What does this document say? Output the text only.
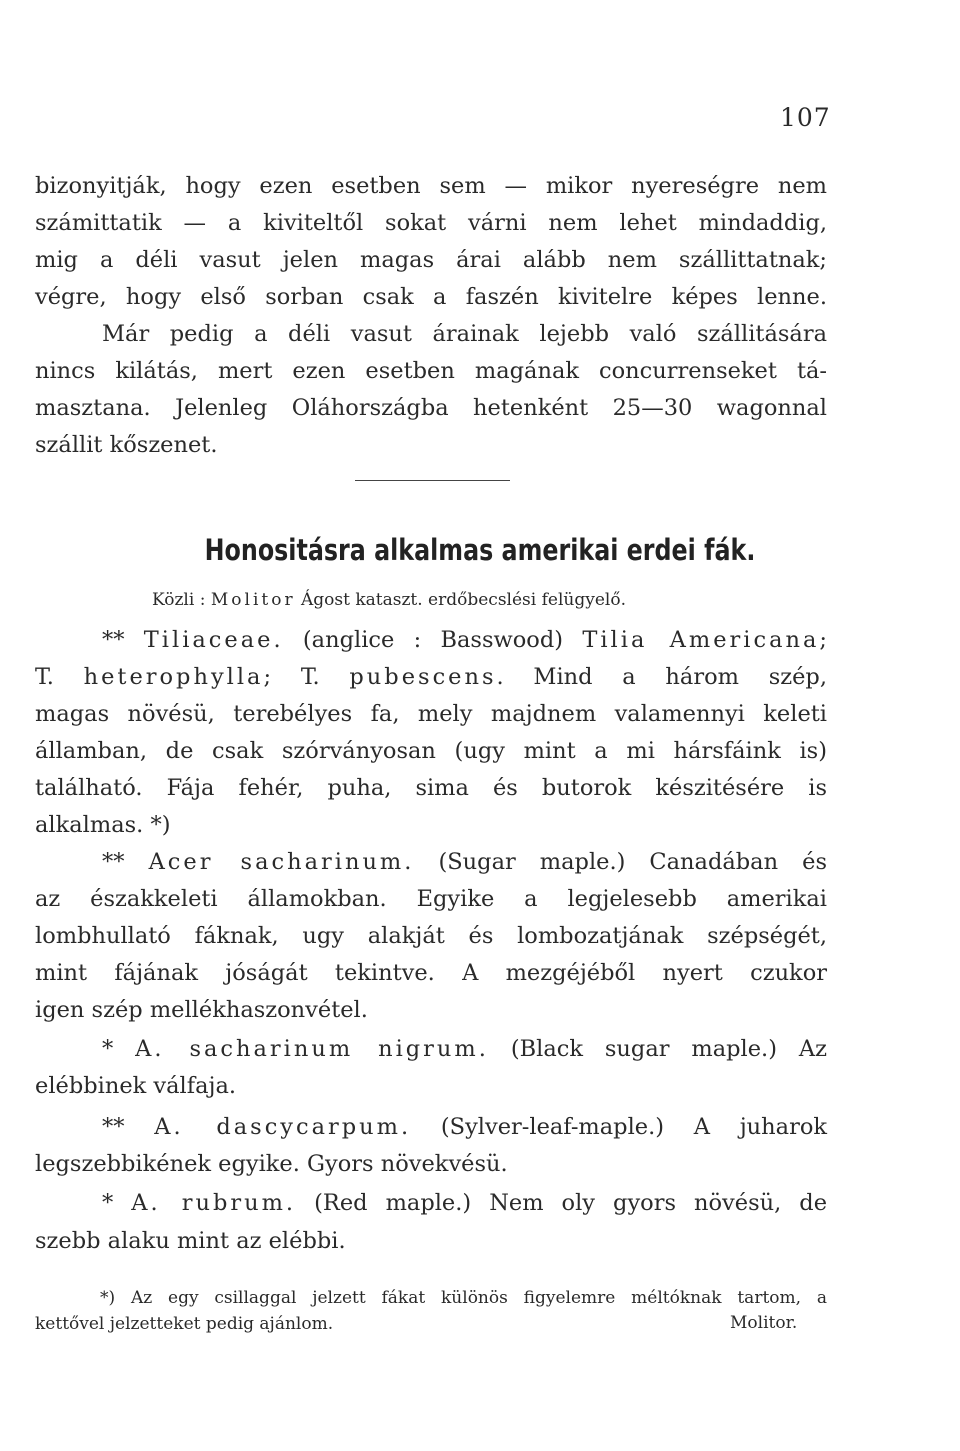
107
bizonyitják, hogy ezen esetben sem — mikor nyereségre nem
számittatik — a kiviteltől sokat várni nem lehet mindaddig,
mig a déli vasut jelen magas árai alább nem szállittatnak;
végre, hogy első sorban csak a faszén kivitelre képes lenne.
Már pedig a déli vasut árainak lejebb való szállitására
nincs kilátás, mert ezen esetben magának concurrenseket tá-
masztana. Jelenleg Oláhországba hetenként 25—30 wagonnal
szállit kőszenet.
Honositásra alkalmas amerikai erdei fák.
Közli : Molitor Ágost kataszt. erdőbecslési felügyelő.
** Tiliaceae. (anglice : Basswood) Tilia Americana;
T. heterophylla; T. pubescens. Mind a három szép,
magas növésü, terebélyes fa, mely majdnem valamennyi keleti
államban, de csak szórványosan (ugy mint a mi hársfáink is)
található. Fája fehér, puha, sima és butorok készitésére is
alkalmas. *)
** Acer sacharinum. (Sugar maple.) Canadában és
az északkeleti államokban. Egyike a legjelesebb amerikai
lombhullató fáknak, ugy alakját és lombozatjának szépségét,
mint fájának jóságát tekintve. A mezgéjéből nyert czukor
igen szép mellékhaszonvétel.
* A. sacharinum nigrum. (Black sugar maple.) Az
elébbinek válfaja.
** A. dascycarpum. (Sylver-leaf-maple.) A juharok
legszebbikének egyike. Gyors növekvésü.
* A. rubrum. (Red maple.) Nem oly gyors növésü, de
szebb alaku mint az elébbi.
*) Az egy csillaggal jelzett fákat különös figyelemre méltóknak tartom, a
kettővel jelzetteket pedig ajánlom.	Molitor.
